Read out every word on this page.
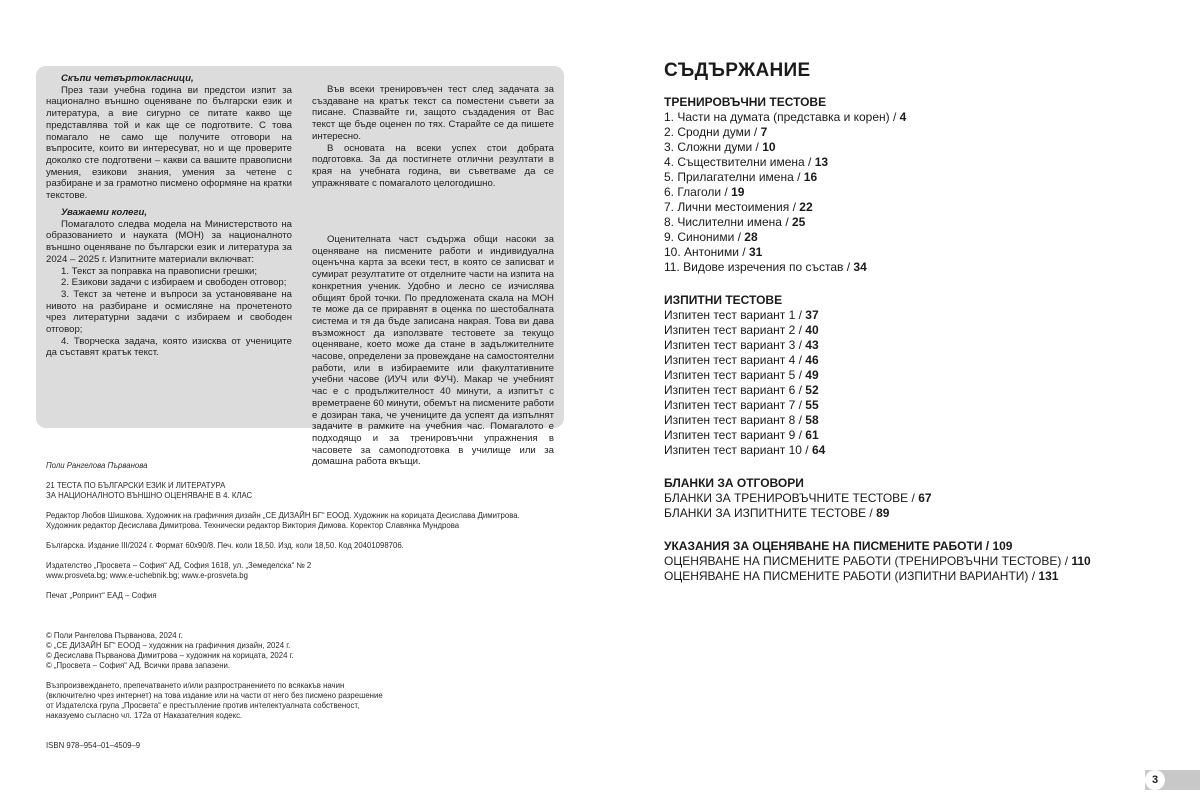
Скъпи четвъртокласници,

През тази учебна година ви предстои изпит за национално външно оценяване по български език и литература, а вие сигурно се питате какво ще представлява той и как ще се подготвите. С това помагало не само ще получите отговори на въпросите, които ви интересуват, но и ще проверите доколко сте подготвени – какви са вашите правописни умения, езикови знания, умения за четене с разбиране и за грамотно писмено оформяне на кратки текстове.

Във всеки тренировъчен тест след задачата за създаване на кратък текст са поместени съвети за писане. Спазвайте ги, защото създадения от Вас текст ще бъде оценен по тях. Старайте се да пишете интересно.

В основата на всеки успех стои добрата подготовка. За да постигнете отлични резултати в края на учебната година, ви съветваме да се упражнявате с помагалото целогодишно.

Уважаеми колеги,

Помагалото следва модела на Министерството на образованието и науката (МОН) за националното външно оценяване по български език и литература за 2024 – 2025 г. Изпитните материали включват:

1. Текст за поправка на правописни грешки;

2. Езикови задачи с избираем и свободен отговор;

3. Текст за четене и въпроси за установяване на нивото на разбиране и осмисляне на прочетеното чрез литературни задачи с избираем и свободен отговор;

4. Творческа задача, която изисква от учениците да съставят кратък текст.

Оценителната част съдържа общи насоки за оценяване на писмените работи и индивидуална оценъчна карта за всеки тест, в която се записват и сумират резултатите от отделните части на изпита на конкретния ученик. Удобно и лесно се изчислява общият брой точки. По предложената скала на МОН те може да се приравнят в оценка по шестобалната система и тя да бъде записана накрая. Това ви дава възможност да използвате тестовете за текущо оценяване, което може да стане в задължителните часове, определени за провеждане на самостоятелни работи, или в избираемите или факултативните учебни часове (ИУЧ или ФУЧ). Макар че учебният час е с продължителност 40 минути, а изпитът с времетраене 60 минути, обемът на писмените работи е дозиран така, че учениците да успеят да изпълнят задачите в рамките на учебния час. Помагалото е подходящо и за тренировъчни упражнения в часовете за самоподготовка в училище или за домашна работа вкъщи.

Поли Рангелова Първанова
21 ТЕСТА ПО БЪЛГАРСКИ ЕЗИК И ЛИТЕРАТУРА
ЗА НАЦИОНАЛНОТО ВЪНШНО ОЦЕНЯВАНЕ В 4. КЛАС
Редактор Любов Шишкова. Художник на графичния дизайн „СЕ ДИЗАЙН БГ“ ЕООД. Художник на корицата Десислава Димитрова.
Художник редактор Десислава Димитрова. Технически редактор Виктория Димова. Коректор Славянка Мундрова
Българска. Издание III/2024 г. Формат 60х90/8. Печ. коли 18,50. Изд. коли 18,50. Код 20401098706.
Издателство „Просвета – София“ АД, София 1618, ул. „Земеделска“ № 2
www.prosveta.bg; www.e-uchebnik.bg; www.e-prosveta.bg
Печат „Ропринт“ ЕАД – София
© Поли Рангелова Първанова, 2024 г.
© „СЕ ДИЗАЙН БГ“ ЕООД – художник на графичния дизайн, 2024 г.
© Десислава Първанова Димитрова – художник на корицата, 2024 г.
© „Просвета – София“ АД. Всички права запазени.
Възпроизвеждането, препечатването и/или разпространението по всякакъв начин
(включително чрез интернет) на това издание или на части от него без писмено разрешение
от Издателска група „Просвета“ е престъпление против интелектуалната собственост,
наказуемо съгласно чл. 172а от Наказателния кодекс.
ISBN 978–954–01–4509–9
СЪДЪРЖАНИЕ
ТРЕНИРОВЪЧНИ ТЕСТОВЕ
1. Части на думата (представка и корен) / 4
2. Сродни думи / 7
3. Сложни думи / 10
4. Съществителни имена / 13
5. Прилагателни имена / 16
6. Глаголи / 19
7. Лични местоимения / 22
8. Числителни имена / 25
9. Синоними / 28
10. Антоними / 31
11. Видове изречения по състав / 34
ИЗПИТНИ ТЕСТОВЕ
Изпитен тест вариант 1 / 37
Изпитен тест вариант 2 / 40
Изпитен тест вариант 3 / 43
Изпитен тест вариант 4 / 46
Изпитен тест вариант 5 / 49
Изпитен тест вариант 6 / 52
Изпитен тест вариант 7 / 55
Изпитен тест вариант 8 / 58
Изпитен тест вариант 9 / 61
Изпитен тест вариант 10 / 64
БЛАНКИ ЗА ОТГОВОРИ
БЛАНКИ ЗА ТРЕНИРОВЪЧНИТЕ ТЕСТОВЕ / 67
БЛАНКИ ЗА ИЗПИТНИТЕ ТЕСТОВЕ / 89
УКАЗАНИЯ ЗА ОЦЕНЯВАНЕ НА ПИСМЕНИТЕ РАБОТИ / 109
ОЦЕНЯВАНЕ НА ПИСМЕНИТЕ РАБОТИ (ТРЕНИРОВЪЧНИ ТЕСТОВЕ) / 110
ОЦЕНЯВАНЕ НА ПИСМЕНИТЕ РАБОТИ (ИЗПИТНИ ВАРИАНТИ) / 131
3
